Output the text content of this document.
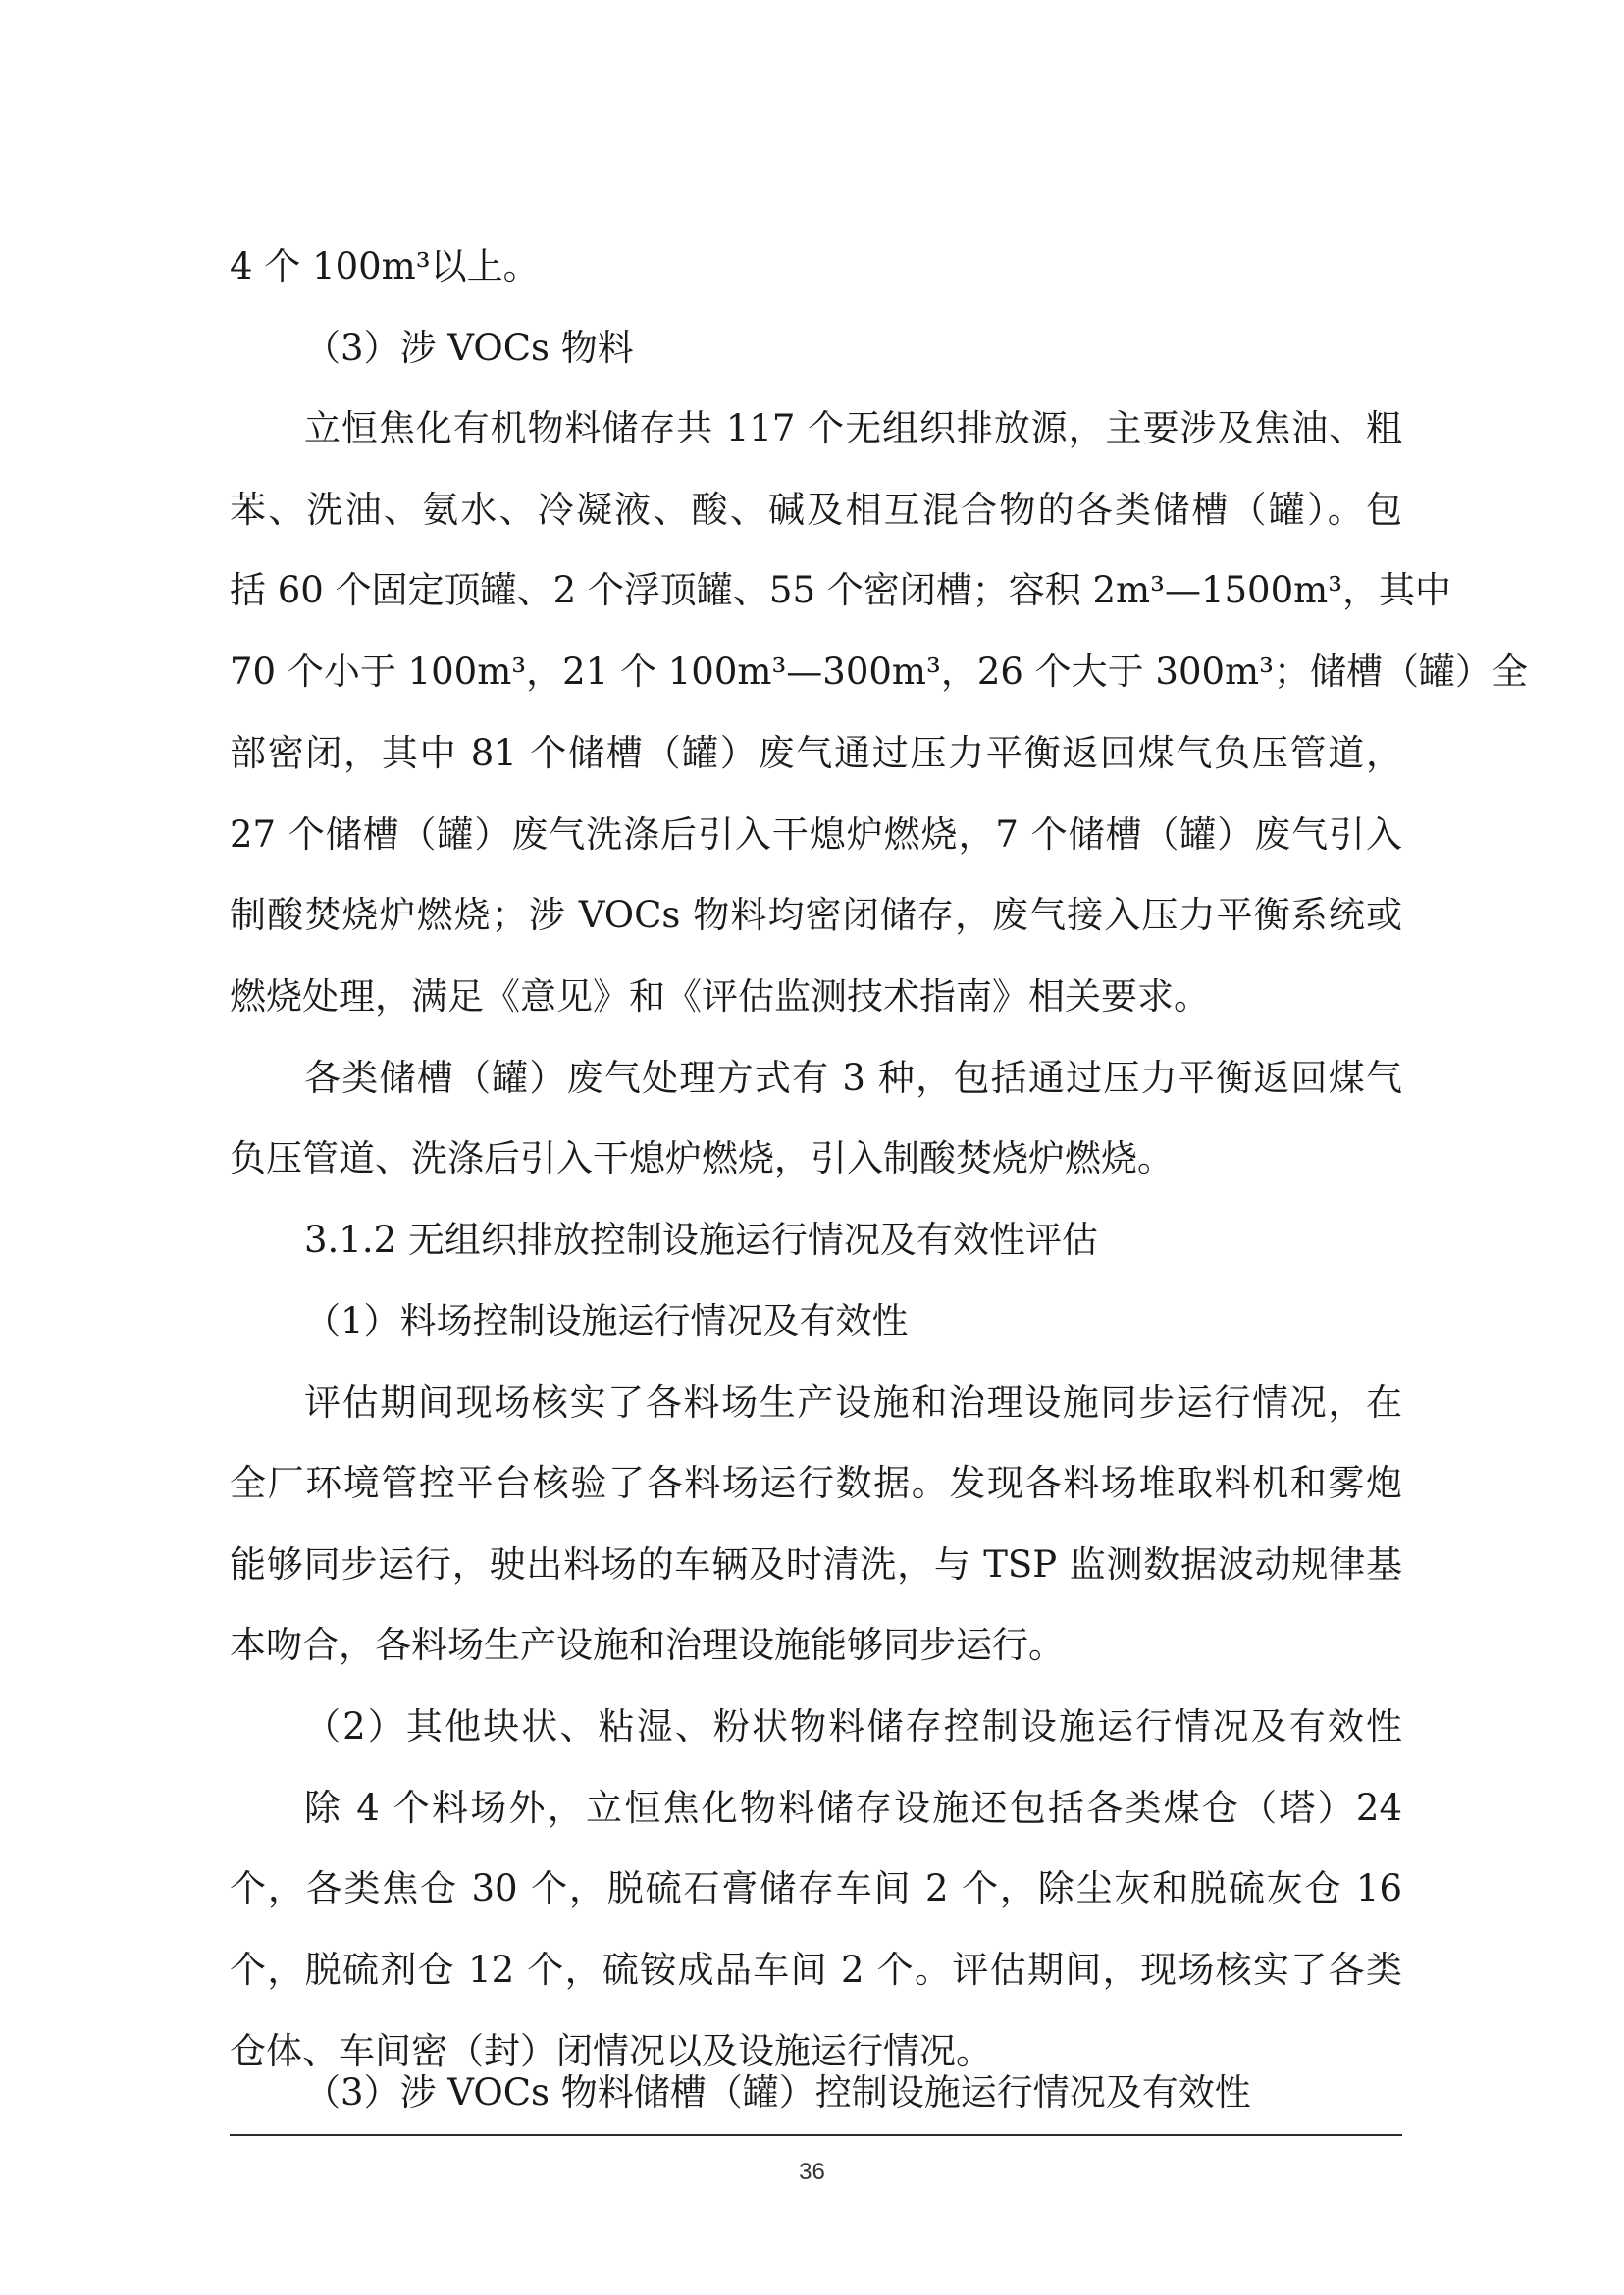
4 个 100m³以上。
（3）涉 VOCs 物料
立恒焦化有机物料储存共 117 个无组织排放源，主要涉及焦油、粗
苯、洗油、氨水、冷凝液、酸、碱及相互混合物的各类储槽（罐）。包
括 60 个固定顶罐、2 个浮顶罐、55 个密闭槽；容积 2m³—1500m³，其中
70 个小于 100m³，21 个 100m³—300m³，26 个大于 300m³；储槽（罐）全
部密闭，其中 81 个储槽（罐）废气通过压力平衡返回煤气负压管道，
27 个储槽（罐）废气洗涤后引入干熄炉燃烧，7 个储槽（罐）废气引入
制酸焚烧炉燃烧；涉 VOCs 物料均密闭储存，废气接入压力平衡系统或
燃烧处理，满足《意见》和《评估监测技术指南》相关要求。
各类储槽（罐）废气处理方式有 3 种，包括通过压力平衡返回煤气
负压管道、洗涤后引入干熄炉燃烧，引入制酸焚烧炉燃烧。
3.1.2 无组织排放控制设施运行情况及有效性评估
（1）料场控制设施运行情况及有效性
评估期间现场核实了各料场生产设施和治理设施同步运行情况，在
全厂环境管控平台核验了各料场运行数据。发现各料场堆取料机和雾炮
能够同步运行，驶出料场的车辆及时清洗，与 TSP 监测数据波动规律基
本吻合，各料场生产设施和治理设施能够同步运行。
（2）其他块状、粘湿、粉状物料储存控制设施运行情况及有效性
除 4 个料场外，立恒焦化物料储存设施还包括各类煤仓（塔）24
个，各类焦仓 30 个，脱硫石膏储存车间 2 个，除尘灰和脱硫灰仓 16
个，脱硫剂仓 12 个，硫铵成品车间 2 个。评估期间，现场核实了各类
仓体、车间密（封）闭情况以及设施运行情况。
（3）涉 VOCs 物料储槽（罐）控制设施运行情况及有效性
36
